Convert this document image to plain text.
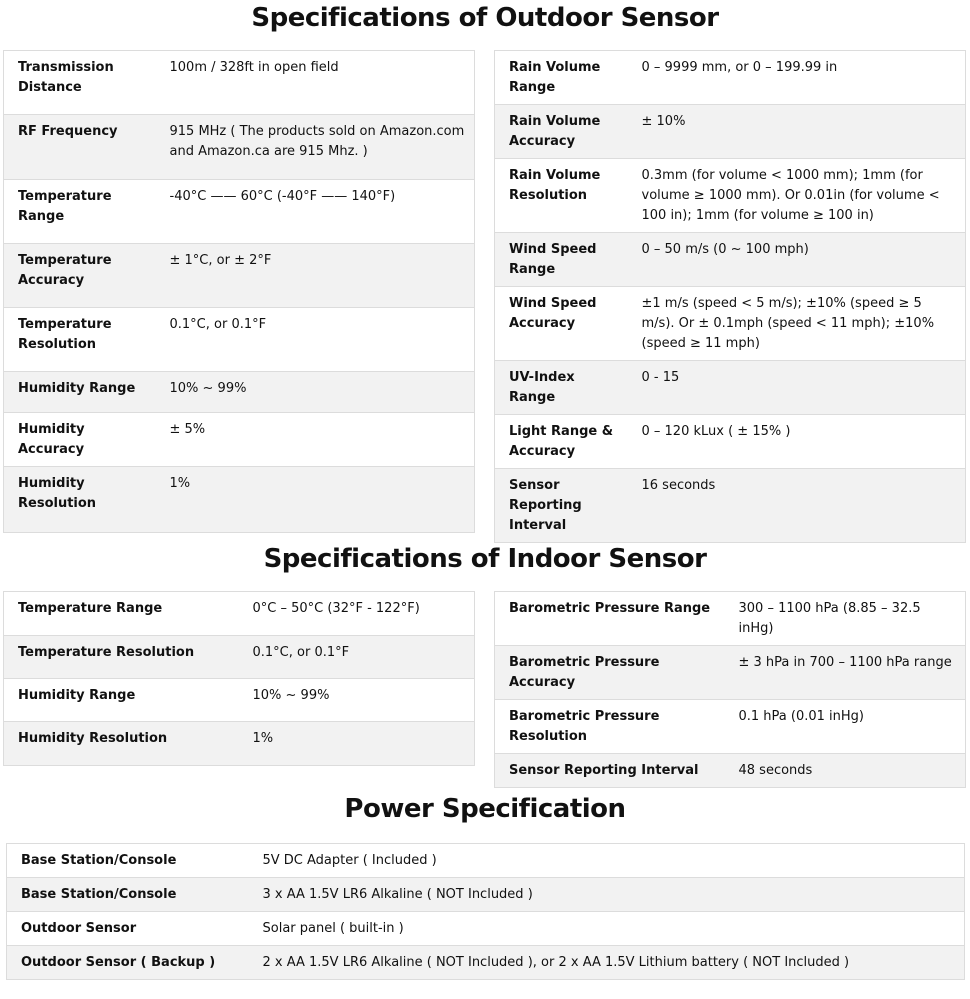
Specifications of Outdoor Sensor
Transmission Distance	100m / 328ft in open field
RF Frequency	915 MHz ( The products sold on Amazon.com and Amazon.ca are 915 Mhz. )
Temperature Range	-40°C —— 60°C (-40°F —— 140°F)
Temperature Accuracy	± 1°C, or ± 2°F
Temperature Resolution	0.1°C, or 0.1°F
Humidity Range	10% ~ 99%
Humidity Accuracy	± 5%
Humidity Resolution	1%
Rain Volume Range	0 – 9999 mm, or 0 – 199.99 in
Rain Volume Accuracy	± 10%
Rain Volume Resolution	0.3mm (for volume < 1000 mm); 1mm (for volume ≥ 1000 mm). Or 0.01in (for volume < 100 in); 1mm (for volume ≥ 100 in)
Wind Speed Range	0 – 50 m/s (0 ~ 100 mph)
Wind Speed Accuracy	±1 m/s (speed < 5 m/s); ±10% (speed ≥ 5 m/s). Or ± 0.1mph (speed < 11 mph); ±10% (speed ≥ 11 mph)
UV-Index Range	0 - 15
Light Range & Accuracy	0 – 120 kLux ( ± 15% )
Sensor Reporting Interval	16 seconds
Specifications of Indoor Sensor
Temperature Range	0°C – 50°C (32°F - 122°F)
Temperature Resolution	0.1°C, or 0.1°F
Humidity Range	10% ~ 99%
Humidity Resolution	1%
Barometric Pressure Range	300 – 1100 hPa (8.85 – 32.5 inHg)
Barometric Pressure Accuracy	± 3 hPa in 700 – 1100 hPa range
Barometric Pressure Resolution	0.1 hPa (0.01 inHg)
Sensor Reporting Interval	48 seconds
Power Specification
Base Station/Console	5V DC Adapter ( Included )
Base Station/Console	3 x AA 1.5V LR6 Alkaline ( NOT Included )
Outdoor Sensor	Solar panel ( built-in )
Outdoor Sensor ( Backup )	2 x AA 1.5V LR6 Alkaline ( NOT Included ), or 2 x AA 1.5V Lithium battery ( NOT Included )
